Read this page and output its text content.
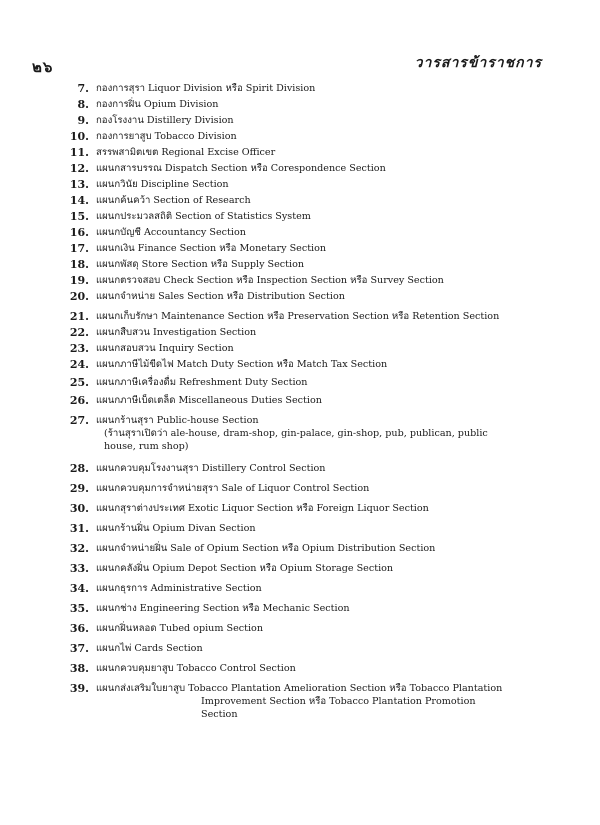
๒๖	วารสารข้าราชการ
7. กองการสุรา Liquor Division หรือ Spirit Division
8. กองการฝิ่น Opium Division
9. กองโรงงาน Distillery Division
10. กองการยาสูบ Tobacco Division
11. สรรพสามิตเขต Regional Excise Officer
12. แผนกสารบรรณ Dispatch Section หรือ Corespondence Section
13. แผนกวินัย Discipline Section
14. แผนกค้นคว้า Section of Research
15. แผนกประมวลสถิติ Section of Statistics System
16. แผนกบัญชี Accountancy Section
17. แผนกเงิน Finance Section หรือ Monetary Section
18. แผนกพัสดุ Store Section หรือ Supply Section
19. แผนกตรวจสอบ Check Section หรือ Inspection Section หรือ Survey Section
20. แผนกจำหน่าย Sales Section หรือ Distribution Section
21. แผนกเก็บรักษา Maintenance Section หรือ Preservation Section หรือ Retention Section
22. แผนกสืบสวน Investigation Section
23. แผนกสอบสวน Inquiry Section
24. แผนกภาษีไม้ขีดไฟ Match Duty Section หรือ Match Tax Section
25. แผนกภาษีเครื่องดื่ม Refreshment Duty Section
26. แผนกภาษีเบ็ดเตล็ด Miscellaneous Duties Section
27. แผนกร้านสุรา Public-house Section
(ร้านสุราเปิดว่า ale-house, dram-shop, gin-palace, gin-shop, pub, publican, public
house, rum shop)
28. แผนกควบคุมโรงงานสุรา Distillery Control Section
29. แผนกควบคุมการจำหน่ายสุรา Sale of Liquor Control Section
30. แผนกสุราต่างประเทศ Exotic Liquor Section หรือ Foreign Liquor Section
31. แผนกร้านฝิ่น Opium Divan Section
32. แผนกจำหน่ายฝิ่น Sale of Opium Section หรือ Opium Distribution Section
33. แผนกคลังฝิ่น Opium Depot Section หรือ Opium Storage Section
34. แผนกธุรการ Administrative Section
35. แผนกช่าง Engineering Section หรือ Mechanic Section
36. แผนกฝิ่นหลอด Tubed opium Section
37. แผนกไพ่ Cards Section
38. แผนกควบคุมยาสูบ Tobacco Control Section
39. แผนกส่งเสริมใบยาสูบ Tobacco Plantation Amelioration Section หรือ Tobacco Plantation
Improvement Section หรือ Tobacco Plantation Promotion
Section
